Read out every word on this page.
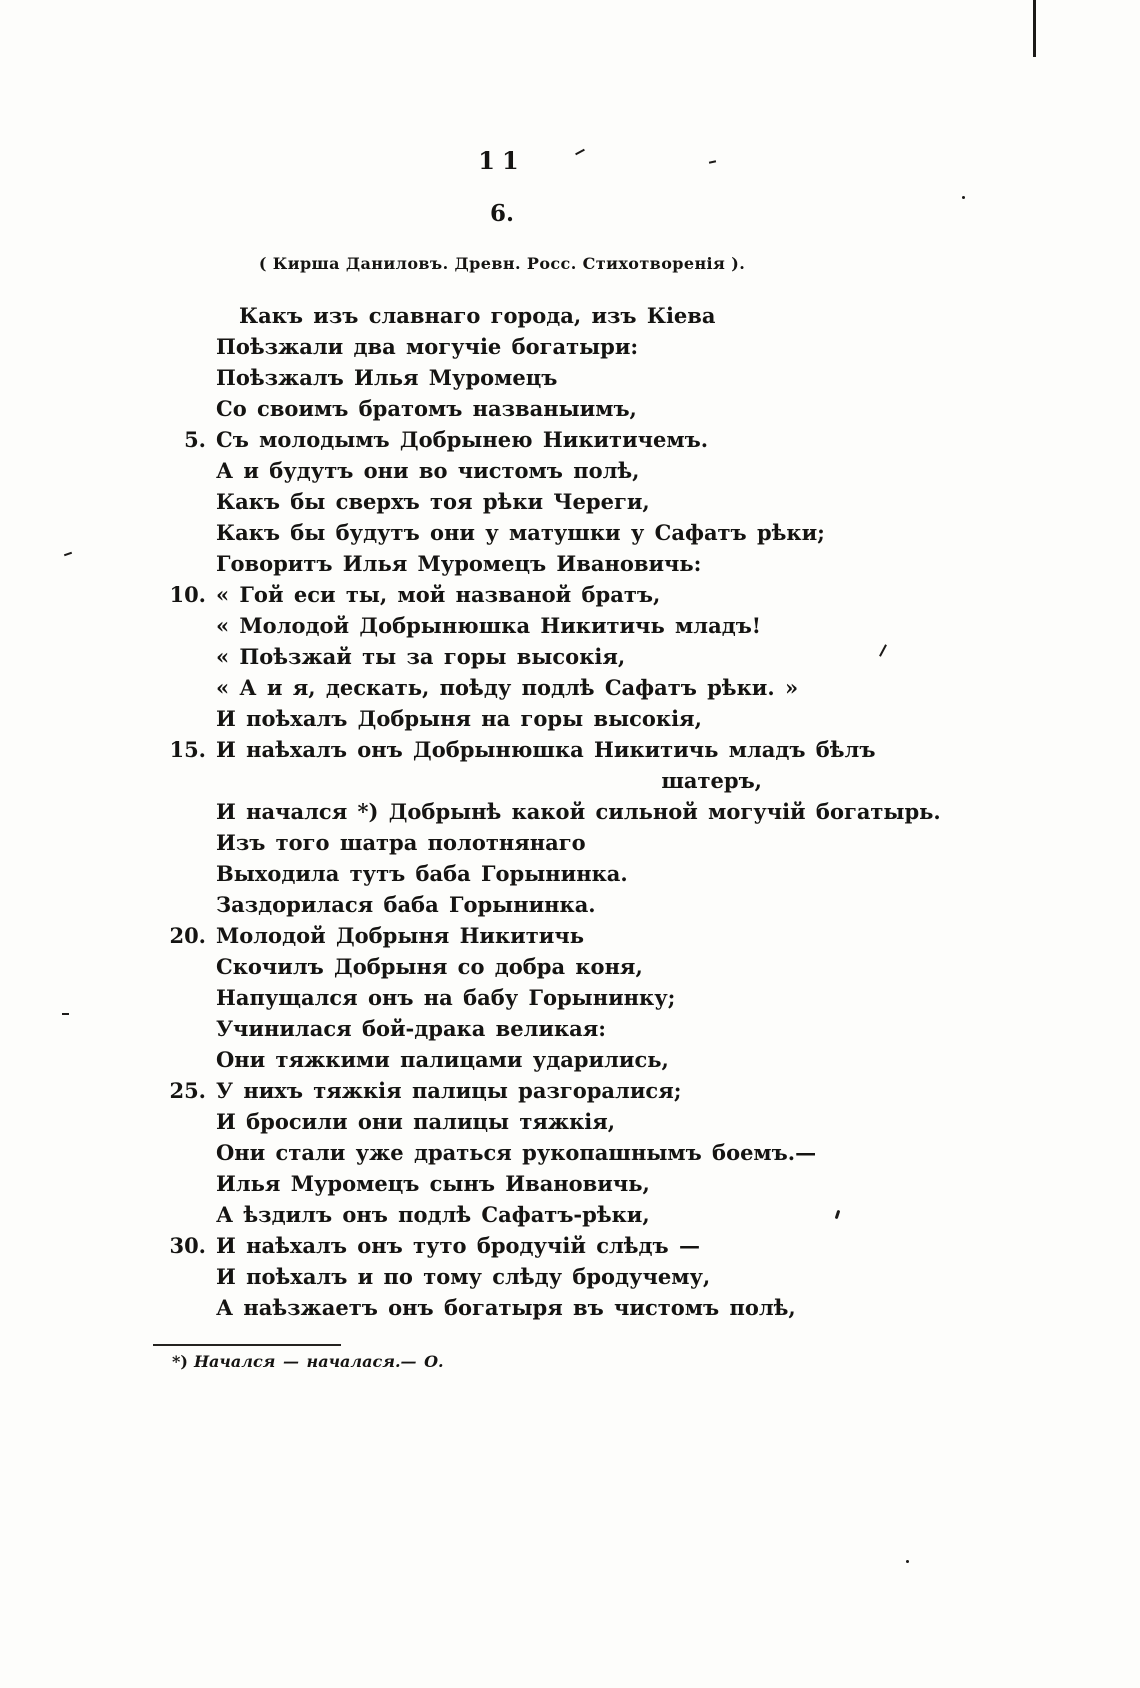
11
6.
( Кирша Даниловъ. Древн. Росс. Стихотворенія ).
Какъ изъ славнаго города, изъ Кіева
Поѣзжали два могучіе богатыри:
Поѣзжалъ Илья Муромецъ
Со своимъ братомъ названыимъ,
5. Съ молодымъ Добрынею Никитичемъ.
А и будутъ они во чистомъ полѣ,
Какъ бы сверхъ тоя рѣки Череги,
Какъ бы будутъ они у матушки у Сафатъ рѣки;
Говоритъ Илья Муромецъ Ивановичь:
10. « Гой еси ты, мой названой братъ,
« Молодой Добрынюшка Никитичь младъ!
« Поѣзжай ты за горы высокія,
« А и я, дескать, поѣду подлѣ Сафатъ рѣки. »
И поѣхалъ Добрыня на горы высокія,
15. И наѣхалъ онъ Добрынюшка Никитичь младъ бѣлъ
шатеръ,
И начался *) Добрынѣ какой сильной могучій богатырь.
Изъ того шатра полотнянаго
Выходила тутъ баба Горынинка.
Заздорилася баба Горынинка.
20. Молодой Добрыня Никитичь
Скочилъ Добрыня со добра коня,
Напущался онъ на бабу Горынинку;
Учинилася бой-драка великая:
Они тяжкими палицами ударились,
25. У нихъ тяжкія палицы разгоралися;
И бросили они палицы тяжкія,
Они стали уже драться рукопашнымъ боемъ.—
Илья Муромецъ сынъ Ивановичь,
А ѣздилъ онъ подлѣ Сафатъ-рѣки,
30. И наѣхалъ онъ туто бродучій слѣдъ —
И поѣхалъ и по тому слѣду бродучему,
А наѣзжаетъ онъ богатыря въ чистомъ полѣ,
*) Начался — началася.— О.
